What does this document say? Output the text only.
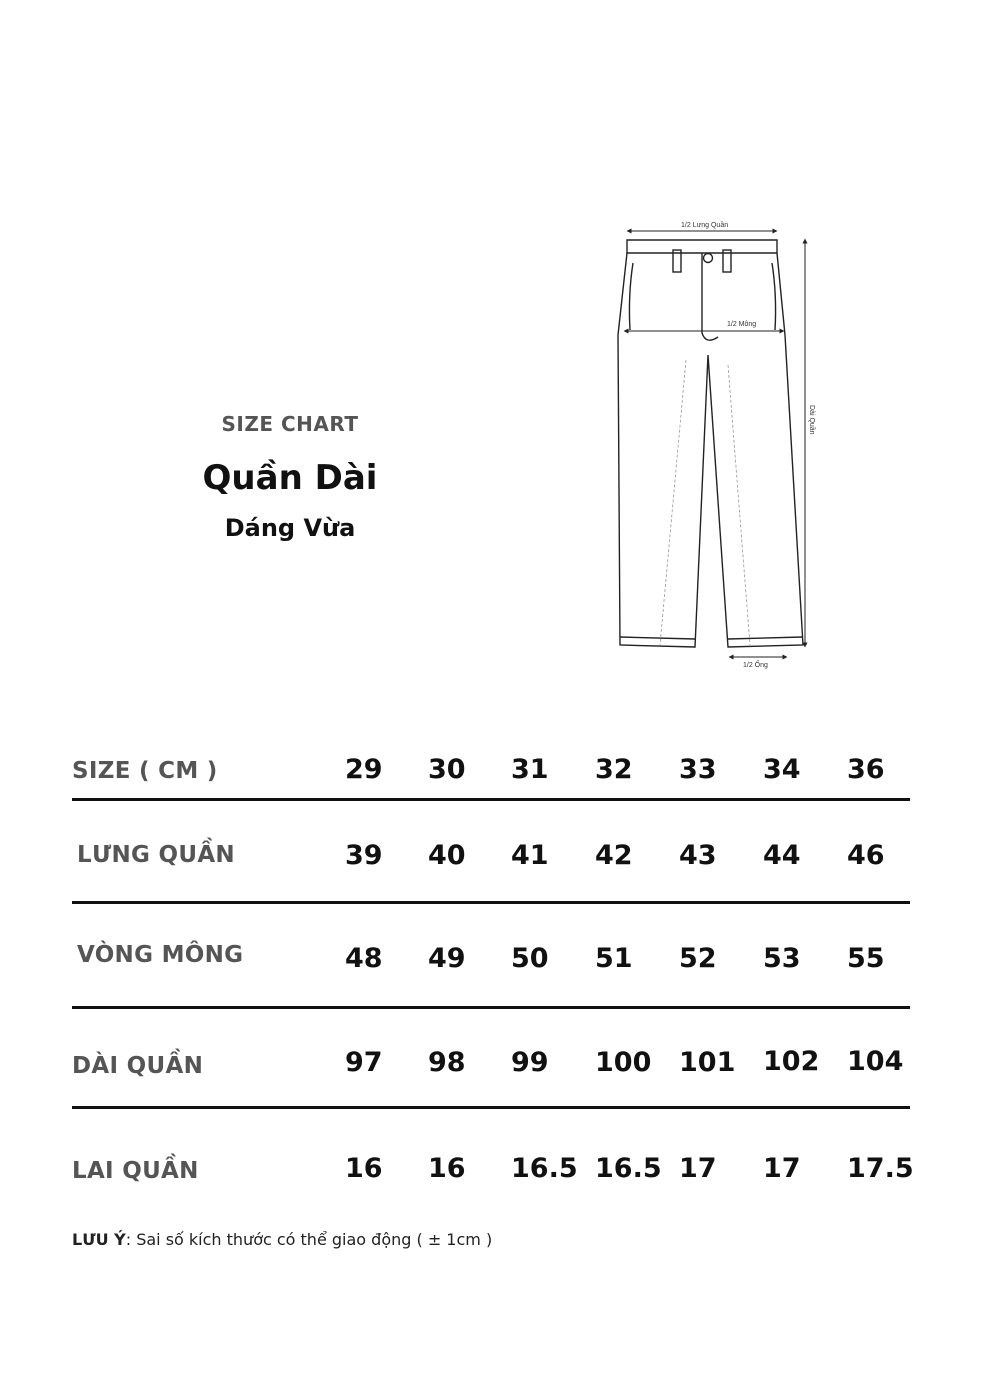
SIZE CHART
Quần Dài
Dáng Vừa
1/2 Lưng Quần
1/2 Mông
Dài Quần
1/2 Ống
SIZE ( CM )	29 30 31 32 33 34 36
LƯNG QUẦN	39 40 41 42 43 44 46
VÒNG MÔNG	48 49 50 51 52 53 55
DÀI QUẦN	97 98 99 100 101 102 104
LAI QUẦN	16 16 16.5 16.5 17 17 17.5
LƯU Ý: Sai số kích thước có thể giao động ( ± 1cm )
